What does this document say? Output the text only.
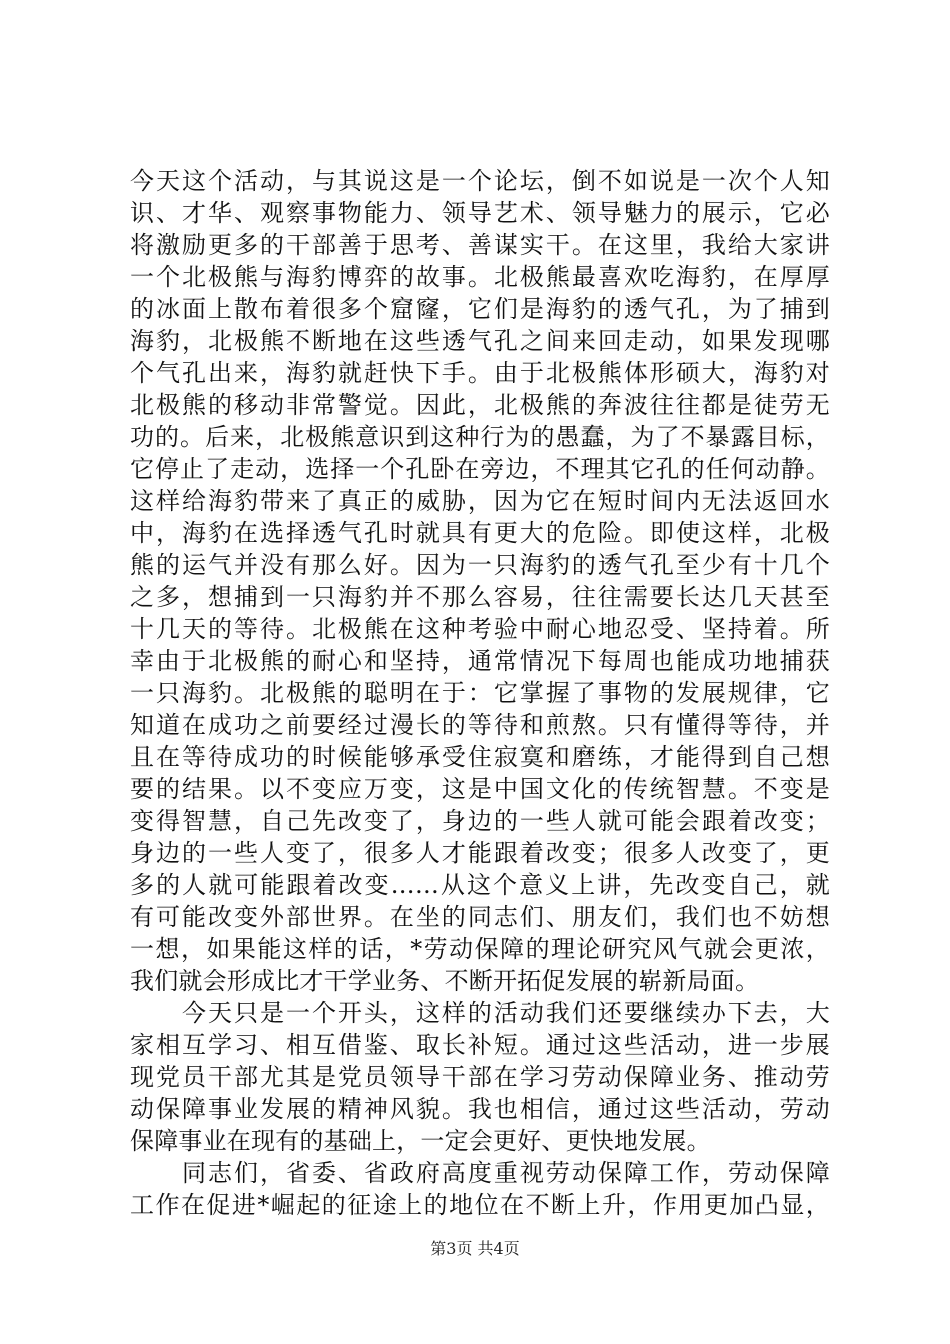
今天这个活动，与其说这是一个论坛，倒不如说是一次个人知
识、才华、观察事物能力、领导艺术、领导魅力的展示，它必
将激励更多的干部善于思考、善谋实干。在这里，我给大家讲
一个北极熊与海豹博弈的故事。北极熊最喜欢吃海豹，在厚厚
的冰面上散布着很多个窟窿，它们是海豹的透气孔，为了捕到
海豹，北极熊不断地在这些透气孔之间来回走动，如果发现哪
个气孔出来，海豹就赶快下手。由于北极熊体形硕大，海豹对
北极熊的移动非常警觉。因此，北极熊的奔波往往都是徒劳无
功的。后来，北极熊意识到这种行为的愚蠢，为了不暴露目标，
它停止了走动，选择一个孔卧在旁边，不理其它孔的任何动静。
这样给海豹带来了真正的威胁，因为它在短时间内无法返回水
中，海豹在选择透气孔时就具有更大的危险。即使这样，北极
熊的运气并没有那么好。因为一只海豹的透气孔至少有十几个
之多，想捕到一只海豹并不那么容易，往往需要长达几天甚至
十几天的等待。北极熊在这种考验中耐心地忍受、坚持着。所
幸由于北极熊的耐心和坚持，通常情况下每周也能成功地捕获
一只海豹。北极熊的聪明在于：它掌握了事物的发展规律，它
知道在成功之前要经过漫长的等待和煎熬。只有懂得等待，并
且在等待成功的时候能够承受住寂寞和磨练，才能得到自己想
要的结果。以不变应万变，这是中国文化的传统智慧。不变是
变得智慧，自己先改变了，身边的一些人就可能会跟着改变；
身边的一些人变了，很多人才能跟着改变；很多人改变了，更
多的人就可能跟着改变……从这个意义上讲，先改变自己，就
有可能改变外部世界。在坐的同志们、朋友们，我们也不妨想
一想，如果能这样的话，*劳动保障的理论研究风气就会更浓，
我们就会形成比才干学业务、不断开拓促发展的崭新局面。
　　今天只是一个开头，这样的活动我们还要继续办下去，大
家相互学习、相互借鉴、取长补短。通过这些活动，进一步展
现党员干部尤其是党员领导干部在学习劳动保障业务、推动劳
动保障事业发展的精神风貌。我也相信，通过这些活动，劳动
保障事业在现有的基础上，一定会更好、更快地发展。
　　同志们，省委、省政府高度重视劳动保障工作，劳动保障
工作在促进*崛起的征途上的地位在不断上升，作用更加凸显，
第3页 共4页
